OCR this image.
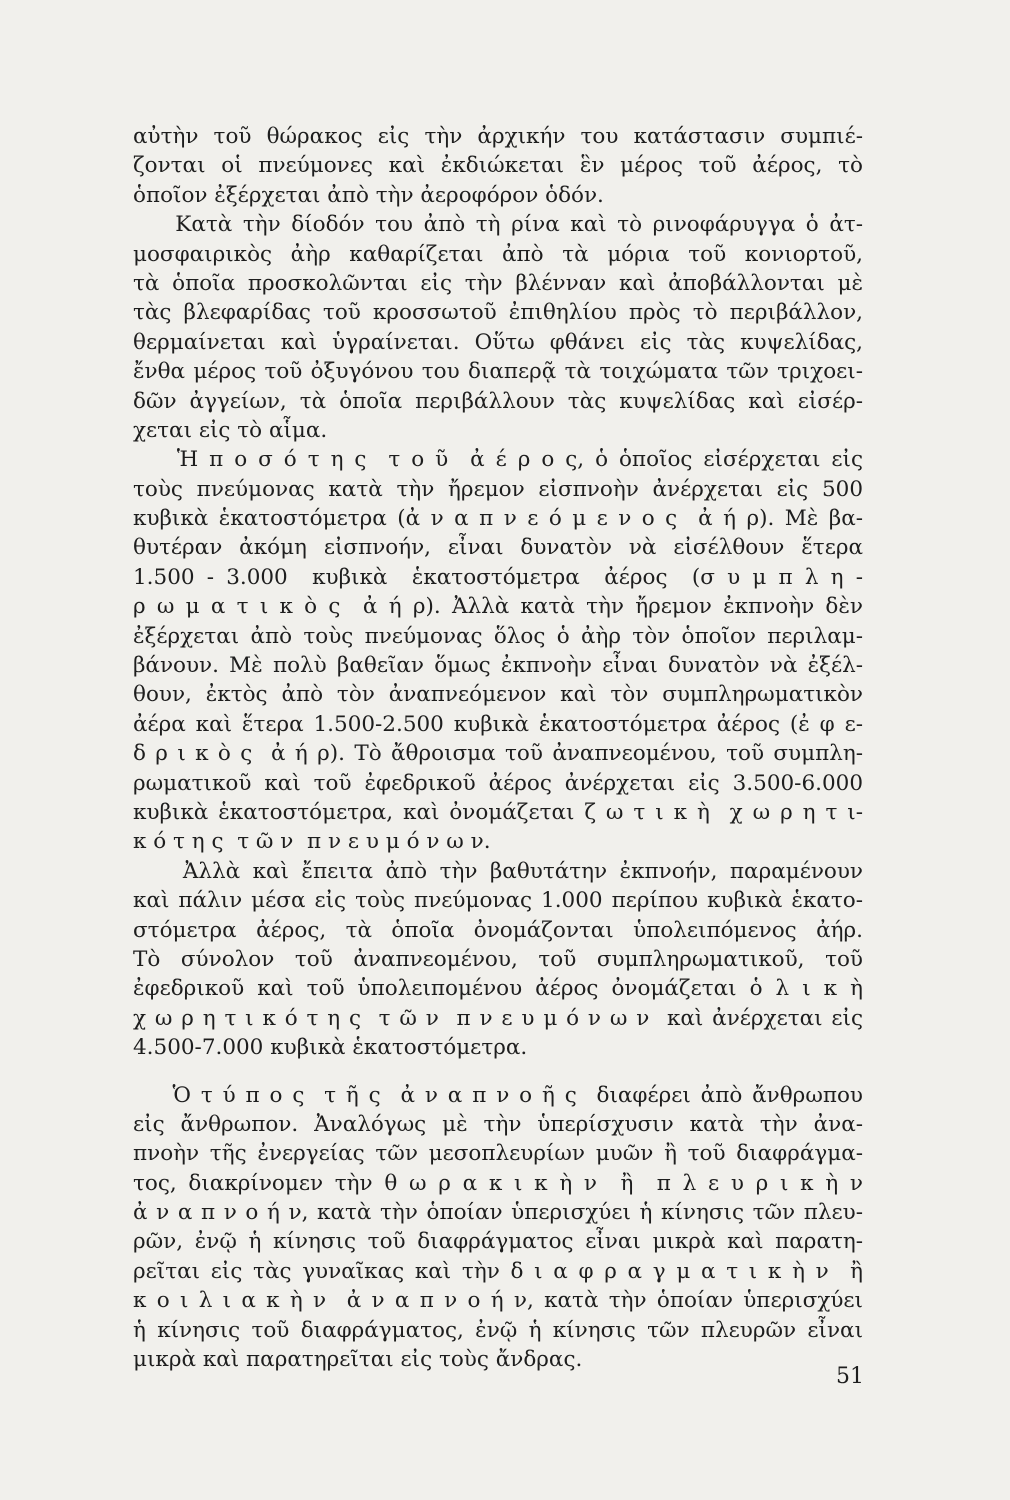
αὐτὴν τοῦ θώρακος εἰς τὴν ἀρχικήν του κατάστασιν συμπιέ-
ζονται οἱ πνεύμονες καὶ ἐκδιώκεται ἓν μέρος τοῦ ἀέρος, τὸ
ὁποῖον ἐξέρχεται ἀπὸ τὴν ἀεροφόρον ὁδόν.
Κατὰ τὴν δίοδόν του ἀπὸ τὴ ρίνα καὶ τὸ ρινοφάρυγγα ὁ ἀτ-
μοσφαιρικὸς ἀὴρ καθαρίζεται ἀπὸ τὰ μόρια τοῦ κονιορτοῦ,
τὰ ὁποῖα προσκολῶνται εἰς τὴν βλένναν καὶ ἀποβάλλονται μὲ
τὰς βλεφαρίδας τοῦ κροσσωτοῦ ἐπιθηλίου πρὸς τὸ περιβάλλον,
θερμαίνεται καὶ ὑγραίνεται. Οὕτω φθάνει εἰς τὰς κυψελίδας,
ἔνθα μέρος τοῦ ὀξυγόνου του διαπερᾷ τὰ τοιχώματα τῶν τριχοει-
δῶν ἀγγείων, τὰ ὁποῖα περιβάλλουν τὰς κυψελίδας καὶ εἰσέρ-
χεται εἰς τὸ αἷμα.
Ἡ π ο σ ό τ η ς  τ ο ῦ  ἀ έ ρ ο ς, ὁ ὁποῖος εἰσέρχεται εἰς
τοὺς πνεύμονας κατὰ τὴν ἤρεμον εἰσπνοὴν ἀνέρχεται εἰς 500
κυβικὰ ἑκατοστόμετρα (ἀ ν α π ν ε ό μ ε ν ο ς  ἀ ή ρ). Μὲ βα-
θυτέραν ἀκόμη εἰσπνοήν, εἶναι δυνατὸν νὰ εἰσέλθουν ἕτερα
1.500 - 3.000  κυβικὰ  ἑκατοστόμετρα  ἀέρος  (σ υ μ π λ η -
ρ ω μ α τ ι κ ὸ ς  ἀ ή ρ). Ἀλλὰ κατὰ τὴν ἤρεμον ἐκπνοὴν δὲν
ἐξέρχεται ἀπὸ τοὺς πνεύμονας ὅλος ὁ ἀὴρ τὸν ὁποῖον περιλαμ-
βάνουν. Μὲ πολὺ βαθεῖαν ὅμως ἐκπνοὴν εἶναι δυνατὸν νὰ ἐξέλ-
θουν, ἐκτὸς ἀπὸ τὸν ἀναπνεόμενον καὶ τὸν συμπληρωματικὸν
ἀέρα καὶ ἕτερα 1.500-2.500 κυβικὰ ἑκατοστόμετρα ἀέρος (ἐ φ ε-
δ ρ ι κ ὸ ς  ἀ ή ρ). Τὸ ἄθροισμα τοῦ ἀναπνεομένου, τοῦ συμπλη-
ρωματικοῦ καὶ τοῦ ἐφεδρικοῦ ἀέρος ἀνέρχεται εἰς 3.500-6.000
κυβικὰ ἑκατοστόμετρα, καὶ ὀνομάζεται ζ ω τ ι κ ὴ  χ ω ρ η τ ι-
κ ό τ η ς  τ ῶ ν  π ν ε υ μ ό ν ω ν.
Ἀλλὰ καὶ ἔπειτα ἀπὸ τὴν βαθυτάτην ἐκπνοήν, παραμένουν
καὶ πάλιν μέσα εἰς τοὺς πνεύμονας 1.000 περίπου κυβικὰ ἑκατο-
στόμετρα ἀέρος, τὰ ὁποῖα ὀνομάζονται ὑπολειπόμενος ἀήρ.
Τὸ σύνολον τοῦ ἀναπνεομένου, τοῦ συμπληρωματικοῦ, τοῦ
ἐφεδρικοῦ καὶ τοῦ ὑπολειπομένου ἀέρος ὀνομάζεται ὁ λ ι κ ὴ
χ ω ρ η τ ι κ ό τ η ς  τ ῶ ν  π ν ε υ μ ό ν ω ν  καὶ ἀνέρχεται εἰς
4.500-7.000 κυβικὰ ἑκατοστόμετρα.
Ὁ τ ύ π ο ς  τ ῆ ς  ἀ ν α π ν ο ῆ ς  διαφέρει ἀπὸ ἄνθρωπου
εἰς ἄνθρωπον. Ἀναλόγως μὲ τὴν ὑπερίσχυσιν κατὰ τὴν ἀνα-
πνοὴν τῆς ἐνεργείας τῶν μεσοπλευρίων μυῶν ἢ τοῦ διαφράγμα-
τος, διακρίνομεν τὴν θ ω ρ α κ ι κ ὴ ν  ἢ  π λ ε υ ρ ι κ ὴ ν
ἀ ν α π ν ο ή ν, κατὰ τὴν ὁποίαν ὑπερισχύει ἡ κίνησις τῶν πλευ-
ρῶν, ἐνῷ ἡ κίνησις τοῦ διαφράγματος εἶναι μικρὰ καὶ παρατη-
ρεῖται εἰς τὰς γυναῖκας καὶ τὴν δ ι α φ ρ α γ μ α τ ι κ ὴ ν  ἢ
κ ο ι λ ι α κ ὴ ν  ἀ ν α π ν ο ή ν, κατὰ τὴν ὁποίαν ὑπερισχύει
ἡ κίνησις τοῦ διαφράγματος, ἐνῷ ἡ κίνησις τῶν πλευρῶν εἶναι
μικρὰ καὶ παρατηρεῖται εἰς τοὺς ἄνδρας.
51
